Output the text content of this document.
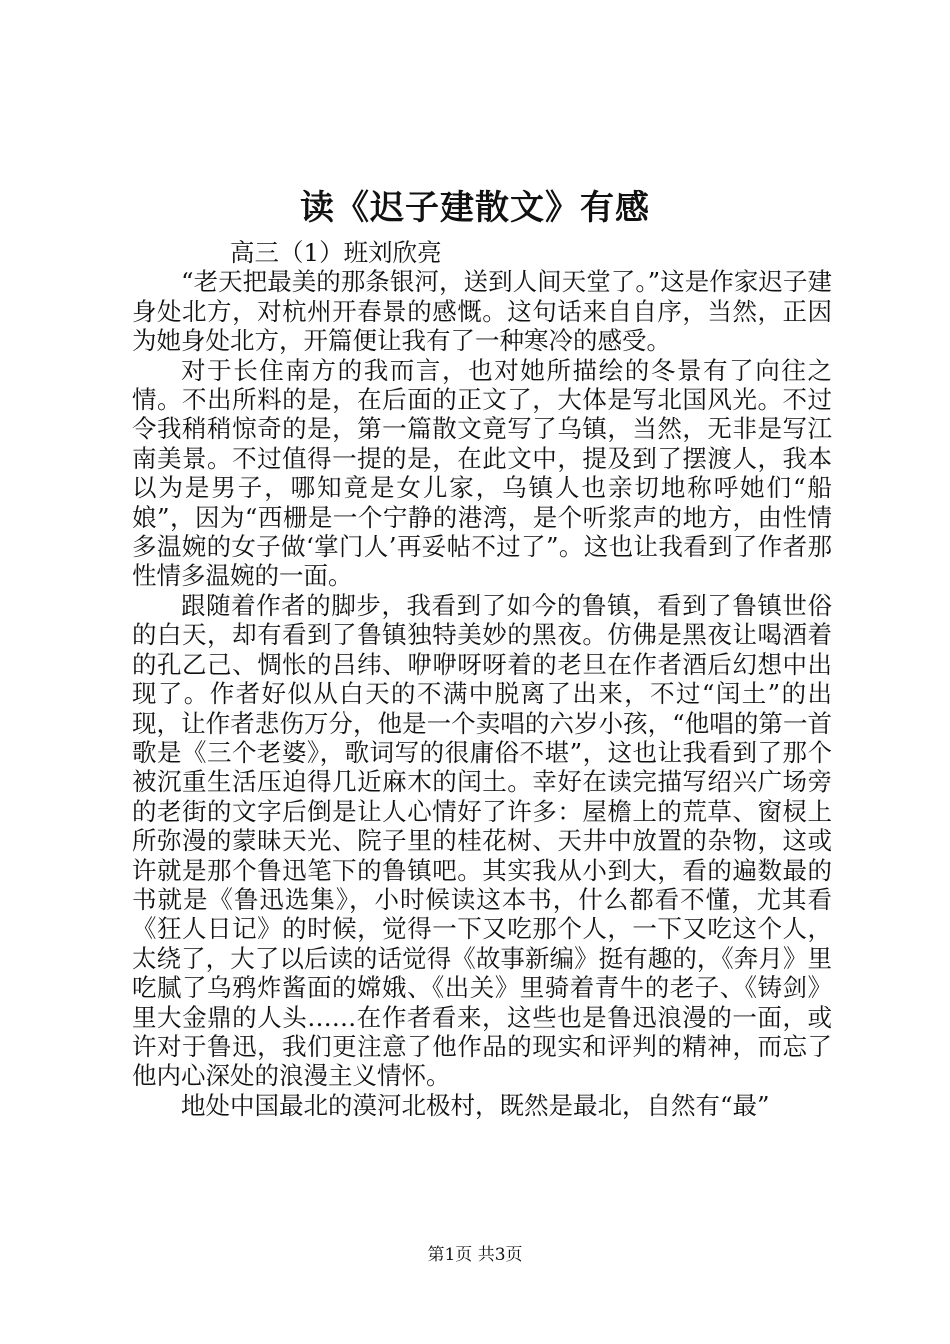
读《迟子建散文》有感

高三（1）班刘欣亮

“老天把最美的那条银河，送到人间天堂了。”这是作家迟子建身处北方，对杭州开春景的感慨。这句话来自自序，当然，正因为她身处北方，开篇便让我有了一种寒冷的感受。

对于长住南方的我而言，也对她所描绘的冬景有了向往之情。不出所料的是，在后面的正文了，大体是写北国风光。不过令我稍稍惊奇的是，第一篇散文竟写了乌镇，当然，无非是写江南美景。不过值得一提的是，在此文中，提及到了摆渡人，我本以为是男子，哪知竟是女儿家，乌镇人也亲切地称呼她们“船娘”，因为“西栅是一个宁静的港湾，是个听浆声的地方，由性情多温婉的女子做‘掌门人’再妥帖不过了”。这也让我看到了作者那性情多温婉的一面。

跟随着作者的脚步，我看到了如今的鲁镇，看到了鲁镇世俗的白天，却有看到了鲁镇独特美妙的黑夜。仿佛是黑夜让喝酒着的孔乙己、惆怅的吕纬、咿咿呀呀着的老旦在作者酒后幻想中出现了。作者好似从白天的不满中脱离了出来，不过“闰土”的出现，让作者悲伤万分，他是一个卖唱的六岁小孩，“他唱的第一首歌是《三个老婆》，歌词写的很庸俗不堪”，这也让我看到了那个被沉重生活压迫得几近麻木的闰土。幸好在读完描写绍兴广场旁的老街的文字后倒是让人心情好了许多：屋檐上的荒草、窗棂上所弥漫的蒙昧天光、院子里的桂花树、天井中放置的杂物，这或许就是那个鲁迅笔下的鲁镇吧。其实我从小到大，看的遍数最的书就是《鲁迅选集》，小时候读这本书，什么都看不懂，尤其看《狂人日记》的时候，觉得一下又吃那个人，一下又吃这个人，太绕了，大了以后读的话觉得《故事新编》挺有趣的，《奔月》里吃腻了乌鸦炸酱面的嫦娥、《出关》里骑着青牛的老子、《铸剑》里大金鼎的人头……在作者看来，这些也是鲁迅浪漫的一面，或许对于鲁迅，我们更注意了他作品的现实和评判的精神，而忘了他内心深处的浪漫主义情怀。

地处中国最北的漠河北极村，既然是最北，自然有“最”

第1页 共3页
